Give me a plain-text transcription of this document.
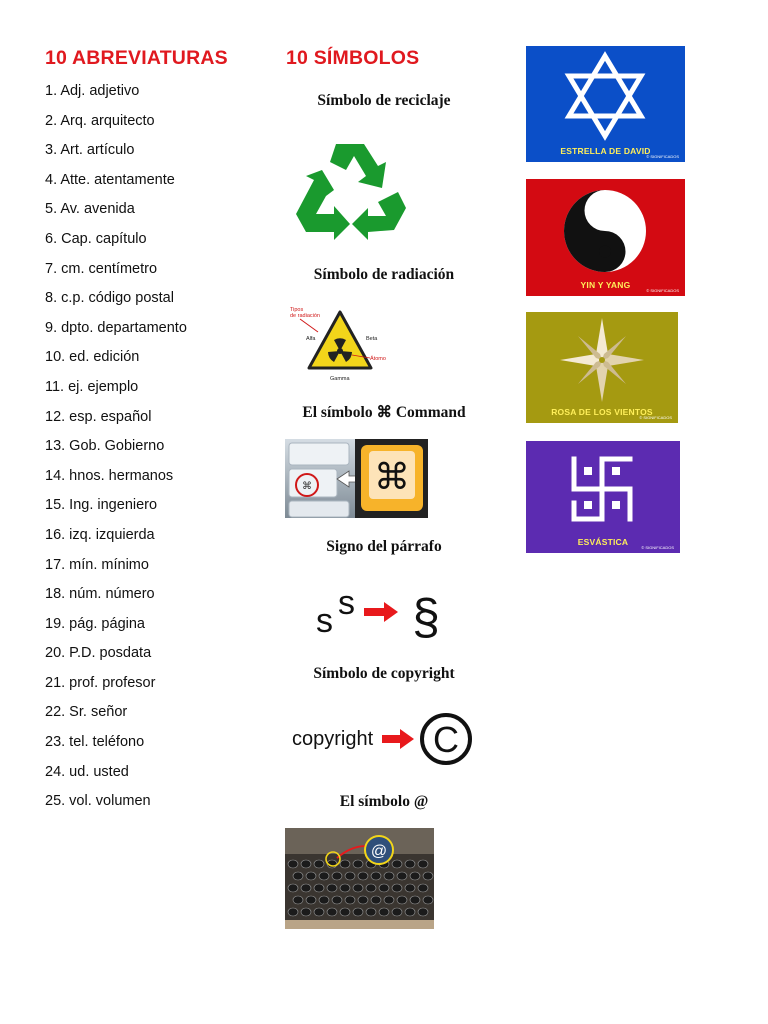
10 ABREVIATURAS
1. Adj. adjetivo
2. Arq. arquitecto
3. Art. artículo
4. Atte. atentamente
5. Av. avenida
6. Cap. capítulo
7. cm. centímetro
8. c.p. código postal
9. dpto. departamento
10. ed. edición
11. ej. ejemplo
12. esp. español
13. Gob. Gobierno
14. hnos. hermanos
15. Ing. ingeniero
16. izq. izquierda
17. mín. mínimo
18. núm. número
19. pág. página
20. P.D. posdata
21. prof. profesor
22. Sr. señor
23. tel. teléfono
24. ud. usted
25. vol. volumen
10 SÍMBOLOS
Símbolo de reciclaje
Símbolo de radiación
Tipos
de radiación
Alfa	Beta
Gamma
Átomo
El símbolo ⌘ Command
⌘ ⌘
Signo del párrafo
s s §
Símbolo de copyright
copyright C
El símbolo @
@
ESTRELLA DE DAVID
© SIGNIFICADOS
YIN Y YANG
© SIGNIFICADOS
ROSA DE LOS VIENTOS
© SIGNIFICADOS
ESVÁSTICA
© SIGNIFICADOS
